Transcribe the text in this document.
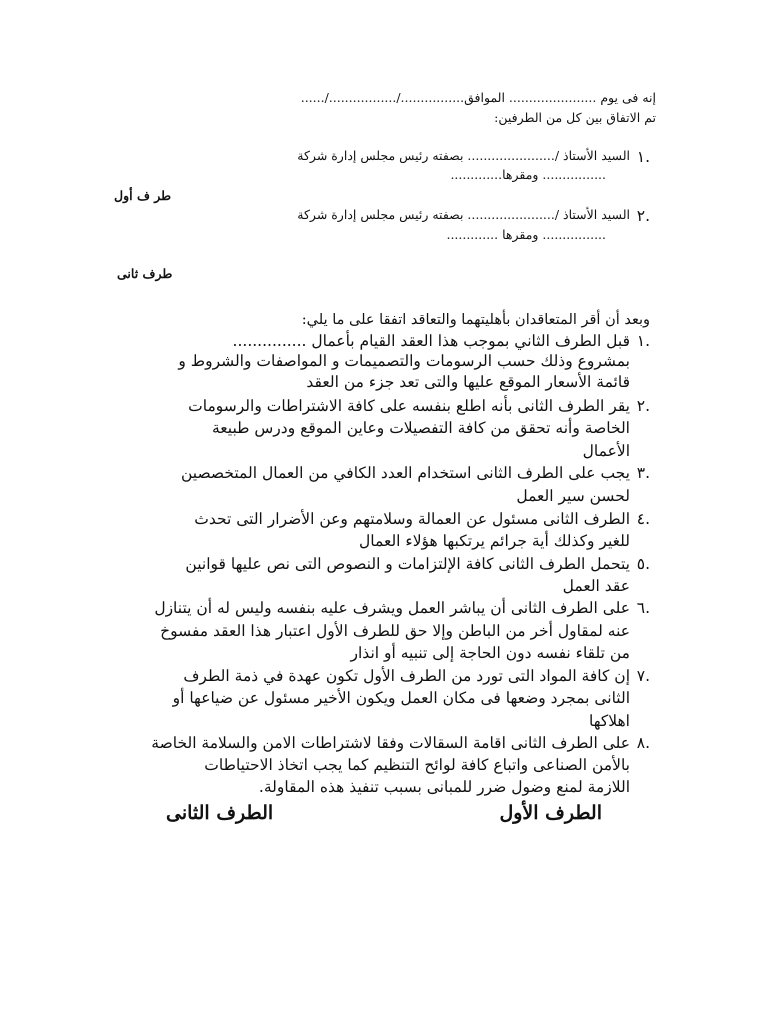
إنه فى يوم ...................... الموافق................/................./......
تم الاتفاق بين كل من الطرفين:
١.
السيد الأستاذ /...................... بصفته رئيس مجلس إدارة شركة
................ ومقرها.............
طر ف أول
٢.
السيد الأستاذ /...................... بصفته رئيس مجلس إدارة شركة
................ ومقرها .............
طرف ثانى
وبعد أن أقر المتعاقدان بأهليتهما والتعاقد اتفقا على ما يلي:
١.
قبل الطرف الثاني بموجب هذا العقد القيام بأعمال ...............
بمشروع وذلك حسب الرسومات والتصميمات و المواصفات والشروط و
قائمة الأسعار الموقع عليها والتى تعد جزء من العقد
٢.
يقر الطرف الثانى بأنه اطلع بنفسه على كافة الاشتراطات والرسومات
الخاصة وأنه تحقق من كافة التفصيلات وعاين الموقع ودرس طبيعة
الأعمال
٣.
يجب على الطرف الثانى استخدام العدد الكافي من العمال المتخصصين
لحسن سير العمل
٤.
الطرف الثانى مسئول عن العمالة وسلامتهم وعن الأضرار التى تحدث
للغير وكذلك أية جرائم يرتكبها هؤلاء العمال
٥.
يتحمل الطرف الثانى كافة الإلتزامات و النصوص التى نص عليها قوانين
عقد العمل
٦.
على الطرف الثانى أن يباشر العمل ويشرف عليه بنفسه وليس له أن يتنازل
عنه لمقاول أخر من الباطن وإلا حق للطرف الأول اعتبار هذا العقد مفسوخ
من تلقاء نفسه دون الحاجة إلى تنبيه أو انذار
٧.
إن كافة المواد التى تورد من الطرف الأول تكون عهدة في ذمة الطرف
الثانى بمجرد وضعها فى مكان العمل ويكون الأخير مسئول عن ضياعها أو
اهلاكها
٨.
على الطرف الثانى اقامة السقالات وفقا لاشتراطات الامن والسلامة الخاصة
بالأمن الصناعى واتباع كافة لوائح التنظيم كما يجب اتخاذ الاحتياطات
اللازمة لمنع وضول ضرر للمبانى بسبب تنفيذ هذه المقاولة.
الطرف الأول
الطرف الثانى
